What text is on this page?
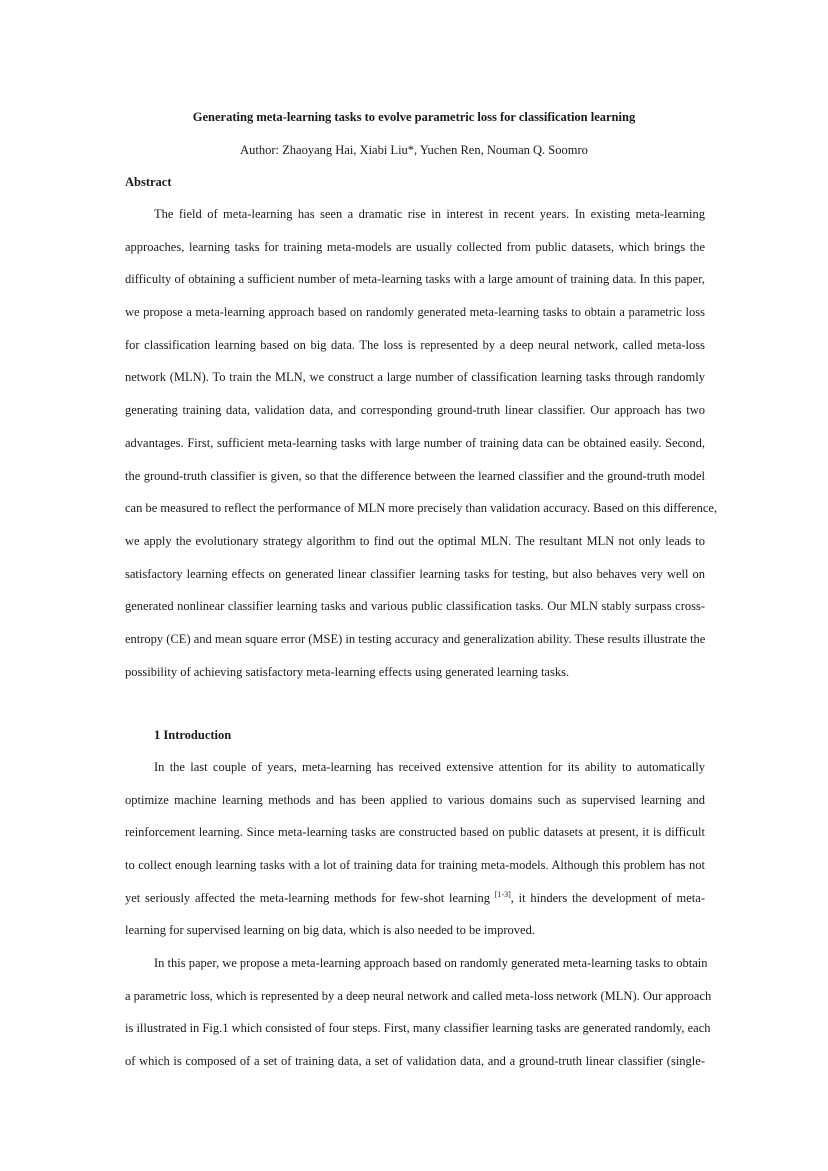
Generating meta-learning tasks to evolve parametric loss for classification learning
Author: Zhaoyang Hai, Xiabi Liu*, Yuchen Ren, Nouman Q. Soomro
Abstract
The field of meta-learning has seen a dramatic rise in interest in recent years. In existing meta-learning
approaches, learning tasks for training meta-models are usually collected from public datasets, which brings the
difficulty of obtaining a sufficient number of meta-learning tasks with a large amount of training data. In this paper,
we propose a meta-learning approach based on randomly generated meta-learning tasks to obtain a parametric loss
for classification learning based on big data. The loss is represented by a deep neural network, called meta-loss
network (MLN). To train the MLN, we construct a large number of classification learning tasks through randomly
generating training data, validation data, and corresponding ground-truth linear classifier. Our approach has two
advantages. First, sufficient meta-learning tasks with large number of training data can be obtained easily. Second,
the ground-truth classifier is given, so that the difference between the learned classifier and the ground-truth model
can be measured to reflect the performance of MLN more precisely than validation accuracy. Based on this difference,
we apply the evolutionary strategy algorithm to find out the optimal MLN. The resultant MLN not only leads to
satisfactory learning effects on generated linear classifier learning tasks for testing, but also behaves very well on
generated nonlinear classifier learning tasks and various public classification tasks. Our MLN stably surpass cross-
entropy (CE) and mean square error (MSE) in testing accuracy and generalization ability. These results illustrate the
possibility of achieving satisfactory meta-learning effects using generated learning tasks.
1 Introduction
In the last couple of years, meta-learning has received extensive attention for its ability to automatically
optimize machine learning methods and has been applied to various domains such as supervised learning and
reinforcement learning. Since meta-learning tasks are constructed based on public datasets at present, it is difficult
to collect enough learning tasks with a lot of training data for training meta-models. Although this problem has not
yet seriously affected the meta-learning methods for few-shot learning [1-3], it hinders the development of meta-
learning for supervised learning on big data, which is also needed to be improved.
In this paper, we propose a meta-learning approach based on randomly generated meta-learning tasks to obtain
a parametric loss, which is represented by a deep neural network and called meta-loss network (MLN). Our approach
is illustrated in Fig.1 which consisted of four steps. First, many classifier learning tasks are generated randomly, each
of which is composed of a set of training data, a set of validation data, and a ground-truth linear classifier (single-
